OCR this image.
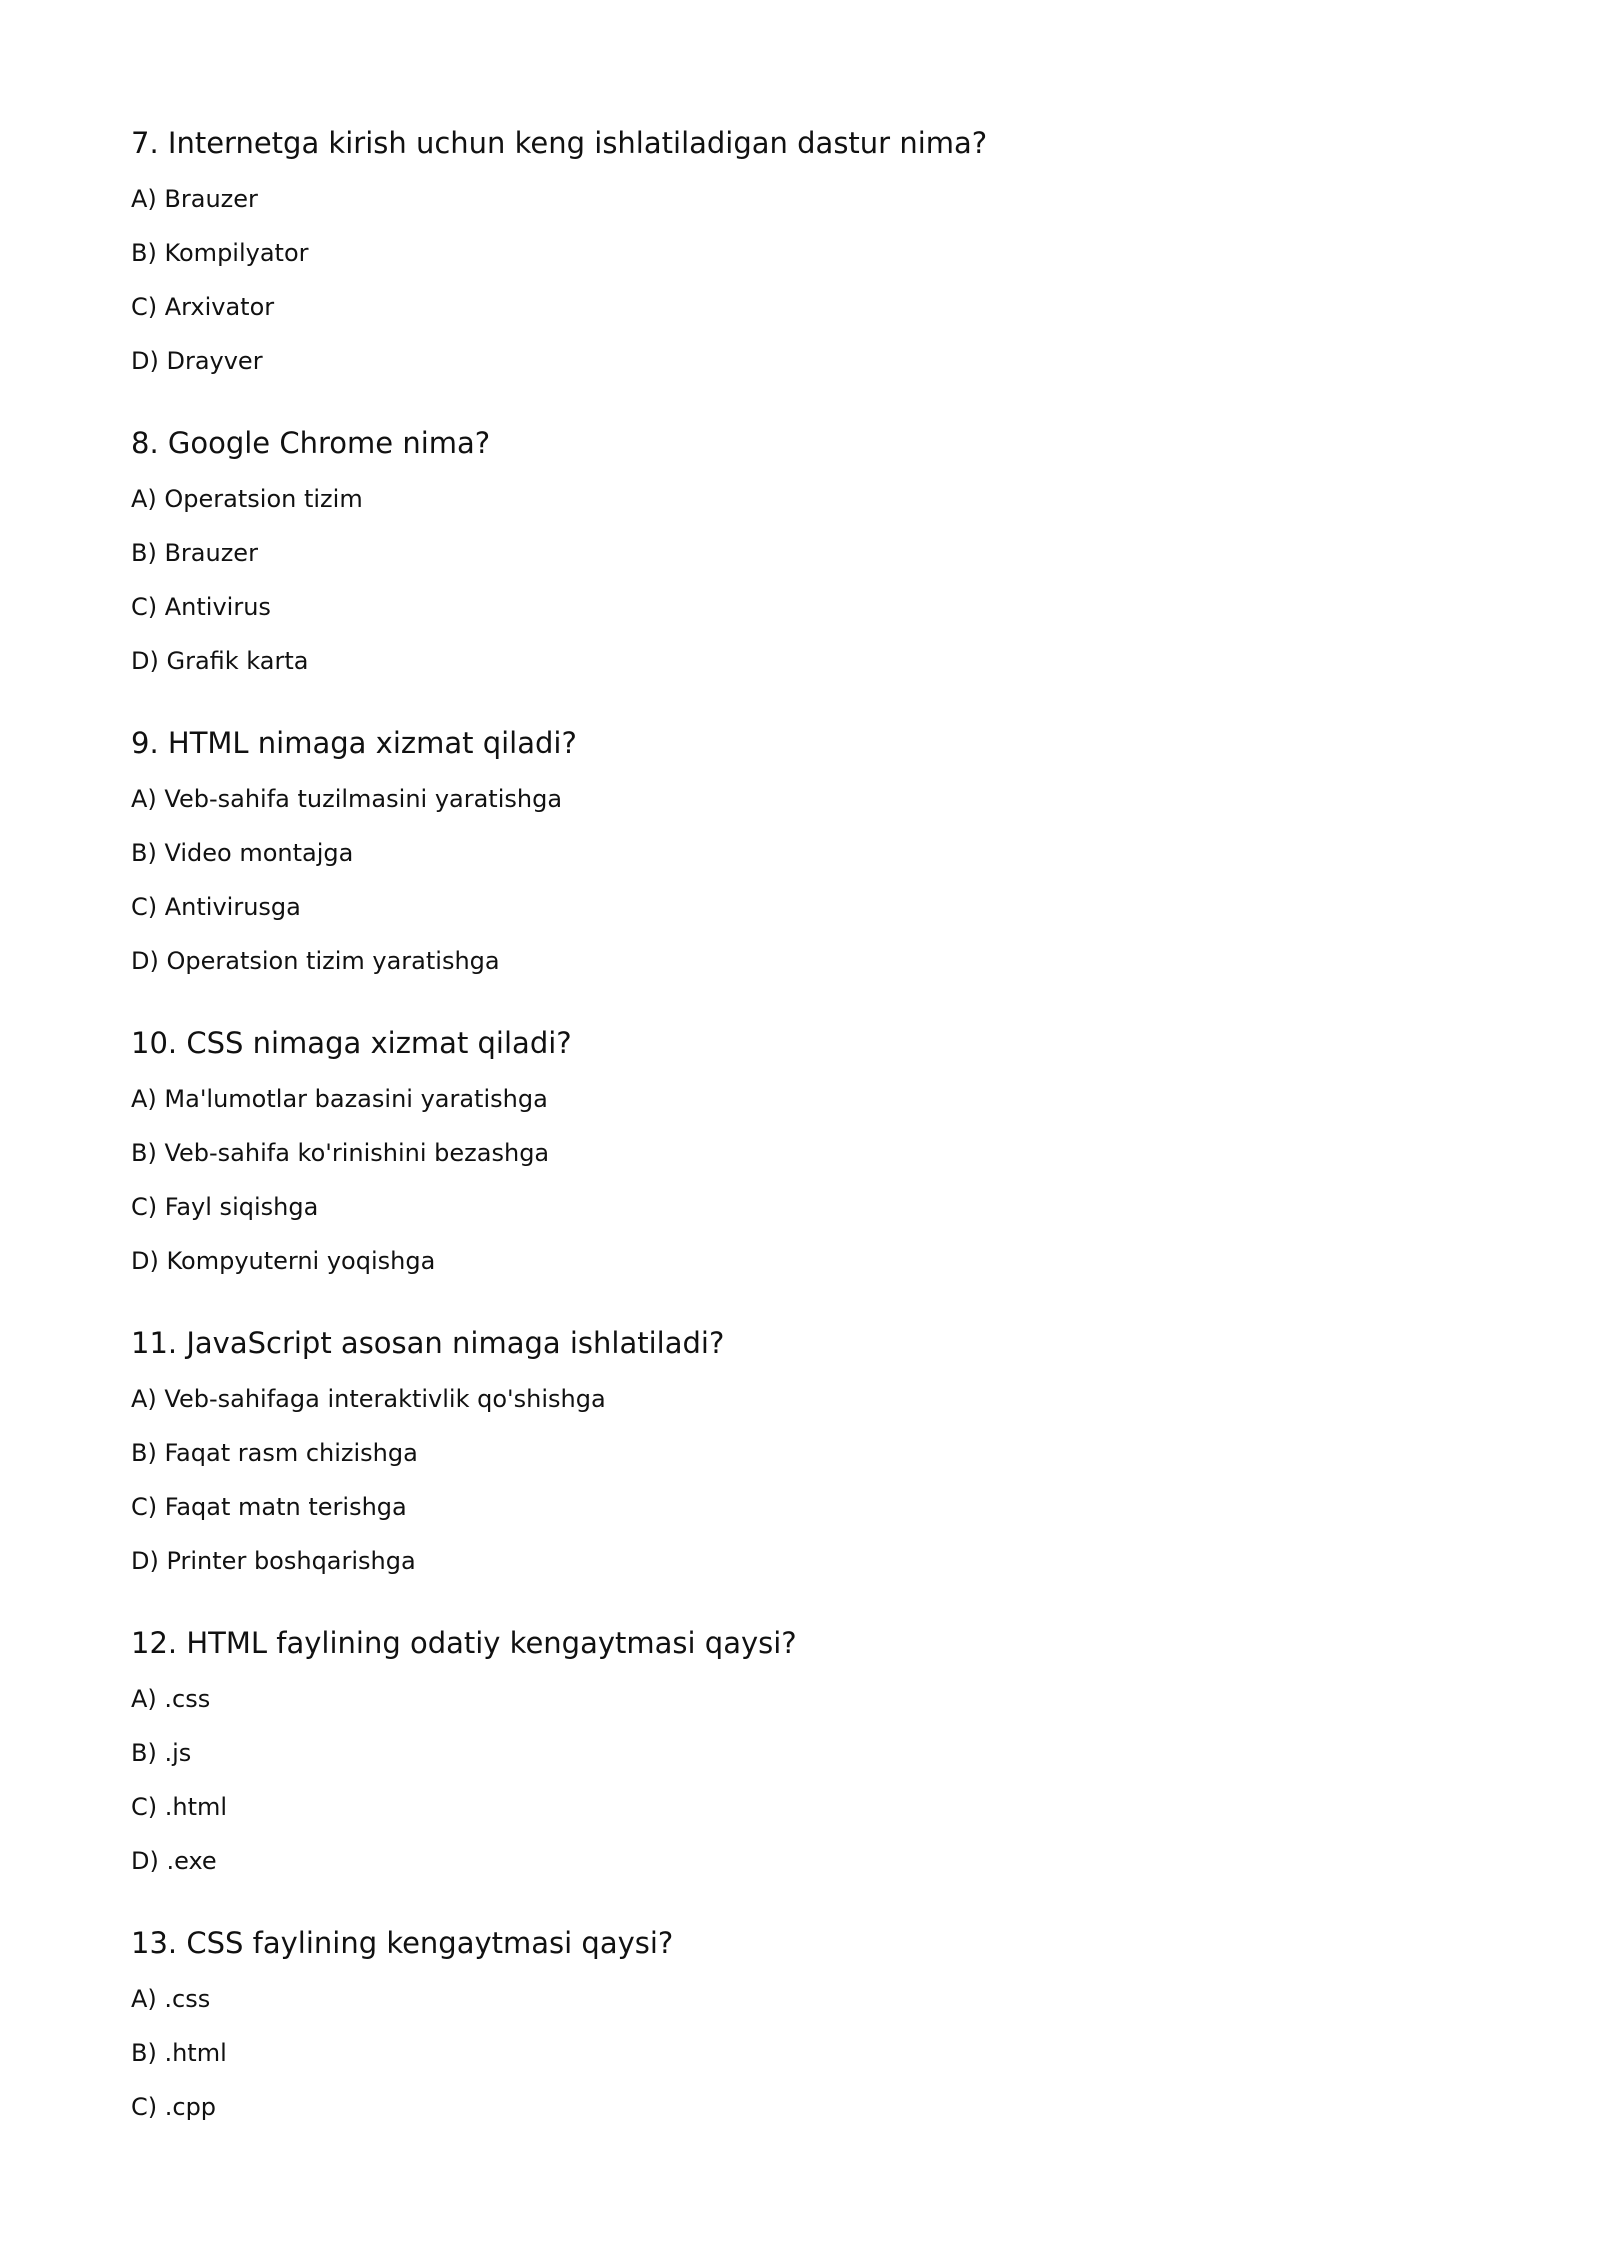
7. Internetga kirish uchun keng ishlatiladigan dastur nima?
A) Brauzer
B) Kompilyator
C) Arxivator
D) Drayver
8. Google Chrome nima?
A) Operatsion tizim
B) Brauzer
C) Antivirus
D) Grafik karta
9. HTML nimaga xizmat qiladi?
A) Veb-sahifa tuzilmasini yaratishga
B) Video montajga
C) Antivirusga
D) Operatsion tizim yaratishga
10. CSS nimaga xizmat qiladi?
A) Ma'lumotlar bazasini yaratishga
B) Veb-sahifa ko'rinishini bezashga
C) Fayl siqishga
D) Kompyuterni yoqishga
11. JavaScript asosan nimaga ishlatiladi?
A) Veb-sahifaga interaktivlik qo'shishga
B) Faqat rasm chizishga
C) Faqat matn terishga
D) Printer boshqarishga
12. HTML faylining odatiy kengaytmasi qaysi?
A) .css
B) .js
C) .html
D) .exe
13. CSS faylining kengaytmasi qaysi?
A) .css
B) .html
C) .cpp
